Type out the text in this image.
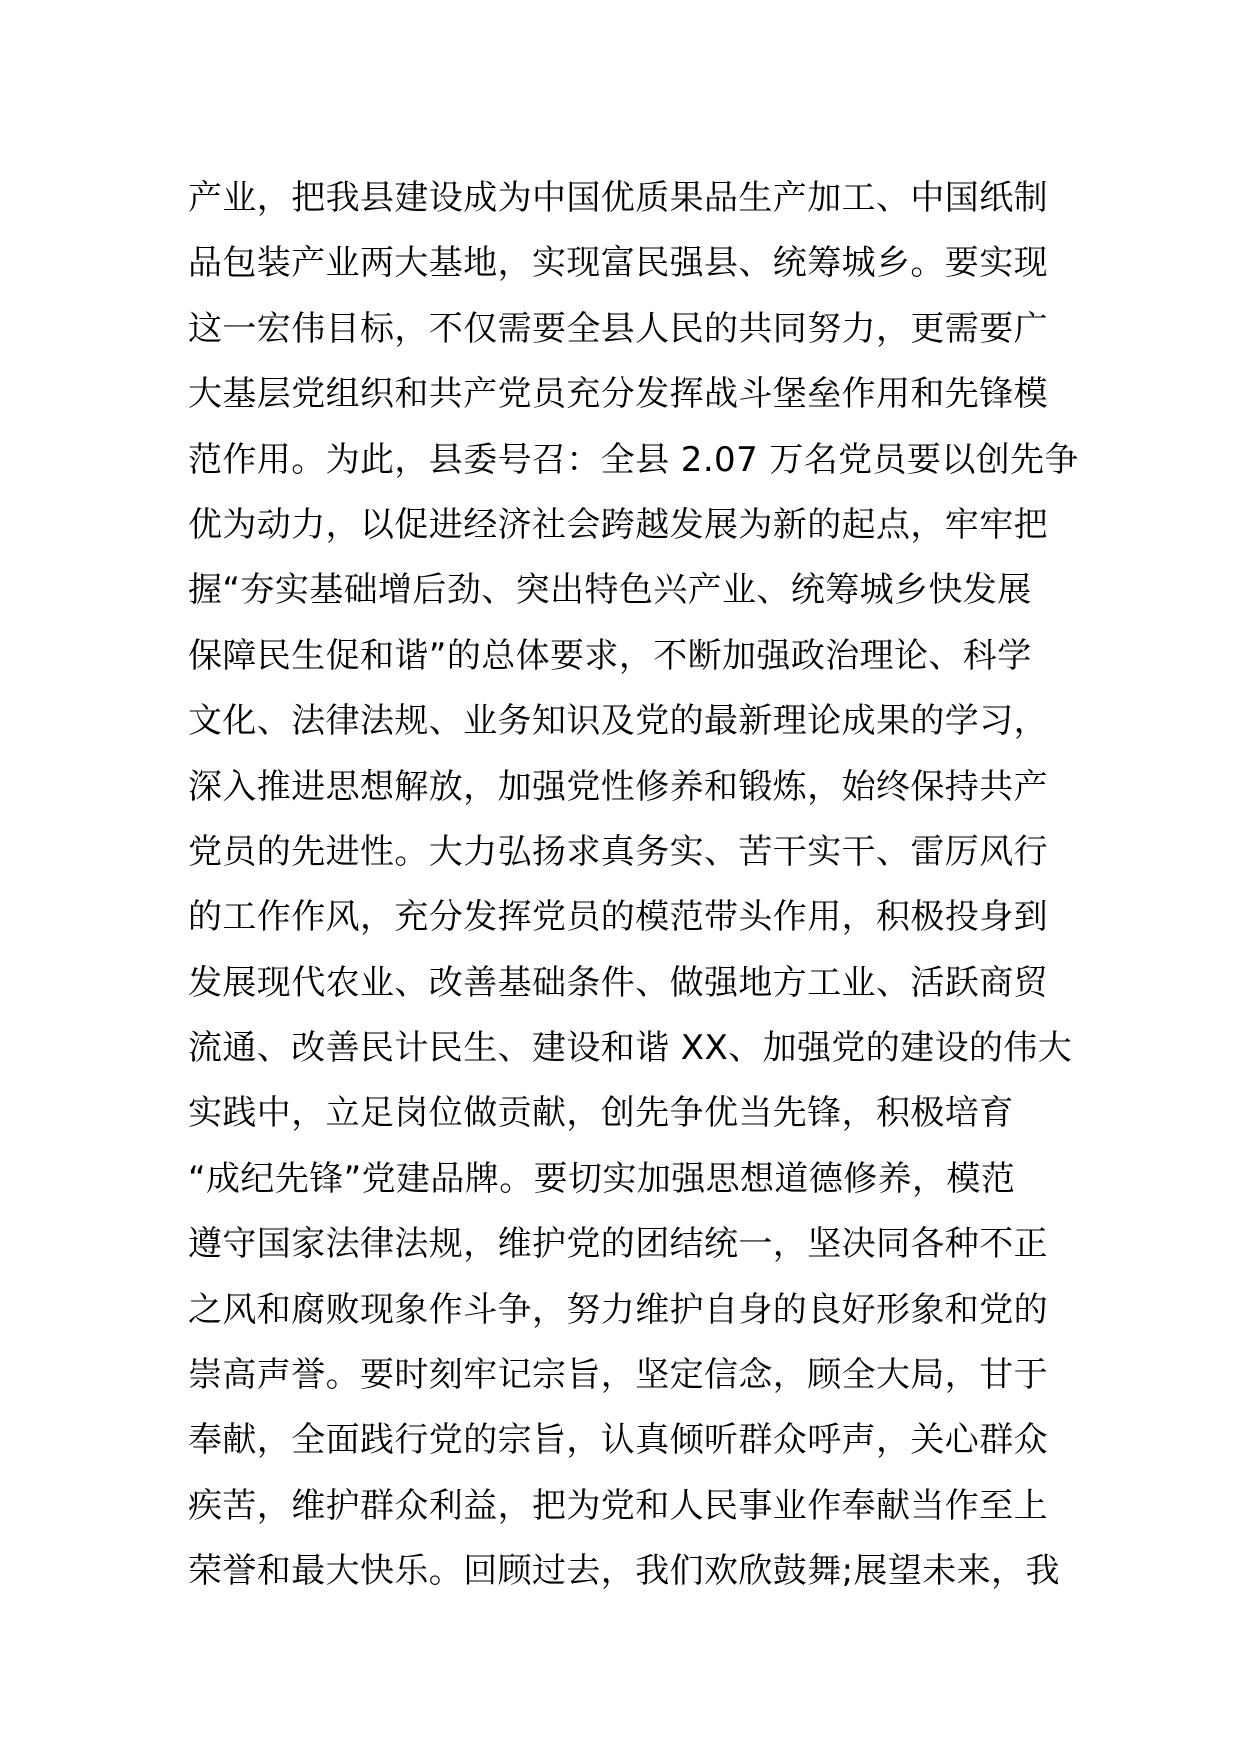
产业，把我县建设成为中国优质果品生产加工、中国纸制
品包装产业两大基地，实现富民强县、统筹城乡。要实现
这一宏伟目标，不仅需要全县人民的共同努力，更需要广
大基层党组织和共产党员充分发挥战斗堡垒作用和先锋模
范作用。为此，县委号召：全县 2.07 万名党员要以创先争
优为动力，以促进经济社会跨越发展为新的起点，牢牢把
握“夯实基础增后劲、突出特色兴产业、统筹城乡快发展
保障民生促和谐”的总体要求，不断加强政治理论、科学
文化、法律法规、业务知识及党的最新理论成果的学习，
深入推进思想解放，加强党性修养和锻炼，始终保持共产
党员的先进性。大力弘扬求真务实、苦干实干、雷厉风行
的工作作风，充分发挥党员的模范带头作用，积极投身到
发展现代农业、改善基础条件、做强地方工业、活跃商贸
流通、改善民计民生、建设和谐 XX、加强党的建设的伟大
实践中，立足岗位做贡献，创先争优当先锋，积极培育
“成纪先锋”党建品牌。要切实加强思想道德修养，模范
遵守国家法律法规，维护党的团结统一，坚决同各种不正
之风和腐败现象作斗争，努力维护自身的良好形象和党的
崇高声誉。要时刻牢记宗旨，坚定信念，顾全大局，甘于
奉献，全面践行党的宗旨，认真倾听群众呼声，关心群众
疾苦，维护群众利益，把为党和人民事业作奉献当作至上
荣誉和最大快乐。回顾过去，我们欢欣鼓舞;展望未来，我
